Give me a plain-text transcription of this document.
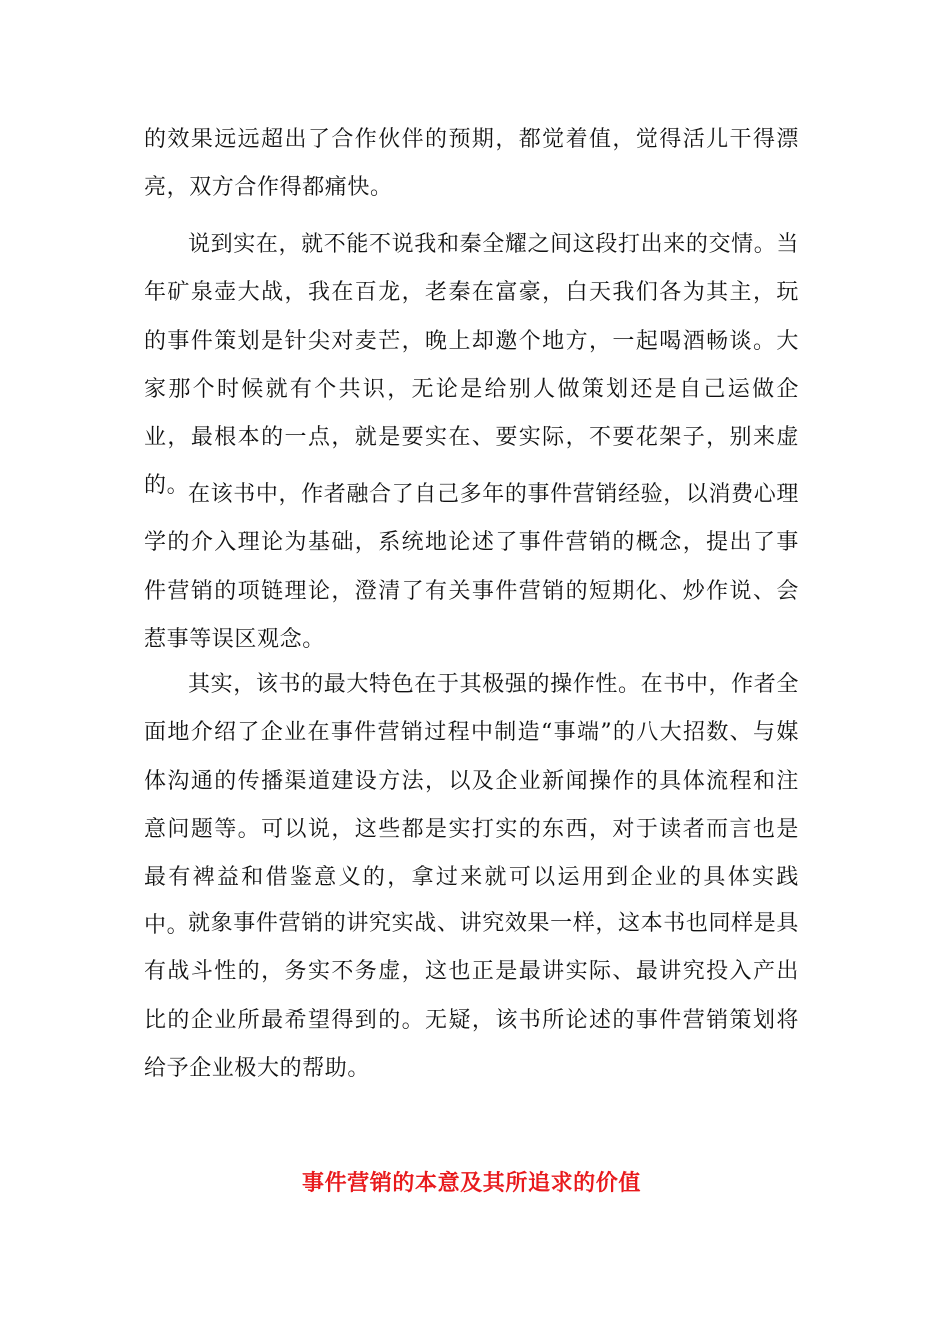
的效果远远超出了合作伙伴的预期，都觉着值，觉得活儿干得漂亮，双方合作得都痛快。

说到实在，就不能不说我和秦全耀之间这段打出来的交情。当年矿泉壶大战，我在百龙，老秦在富豪，白天我们各为其主，玩的事件策划是针尖对麦芒，晚上却邀个地方，一起喝酒畅谈。大家那个时候就有个共识，无论是给别人做策划还是自己运做企业，最根本的一点，就是要实在、要实际，不要花架子，别来虚的。

在该书中，作者融合了自己多年的事件营销经验，以消费心理学的介入理论为基础，系统地论述了事件营销的概念，提出了事件营销的项链理论，澄清了有关事件营销的短期化、炒作说、会惹事等误区观念。

其实，该书的最大特色在于其极强的操作性。在书中，作者全面地介绍了企业在事件营销过程中制造“事端”的八大招数、与媒体沟通的传播渠道建设方法，以及企业新闻操作的具体流程和注意问题等。可以说，这些都是实打实的东西，对于读者而言也是最有裨益和借鉴意义的，拿过来就可以运用到企业的具体实践中。

就象事件营销的讲究实战、讲究效果一样，这本书也同样是具有战斗性的，务实不务虚，这也正是最讲实际、最讲究投入产出比的企业所最希望得到的。无疑，该书所论述的事件营销策划将给予企业极大的帮助。

事件营销的本意及其所追求的价值
